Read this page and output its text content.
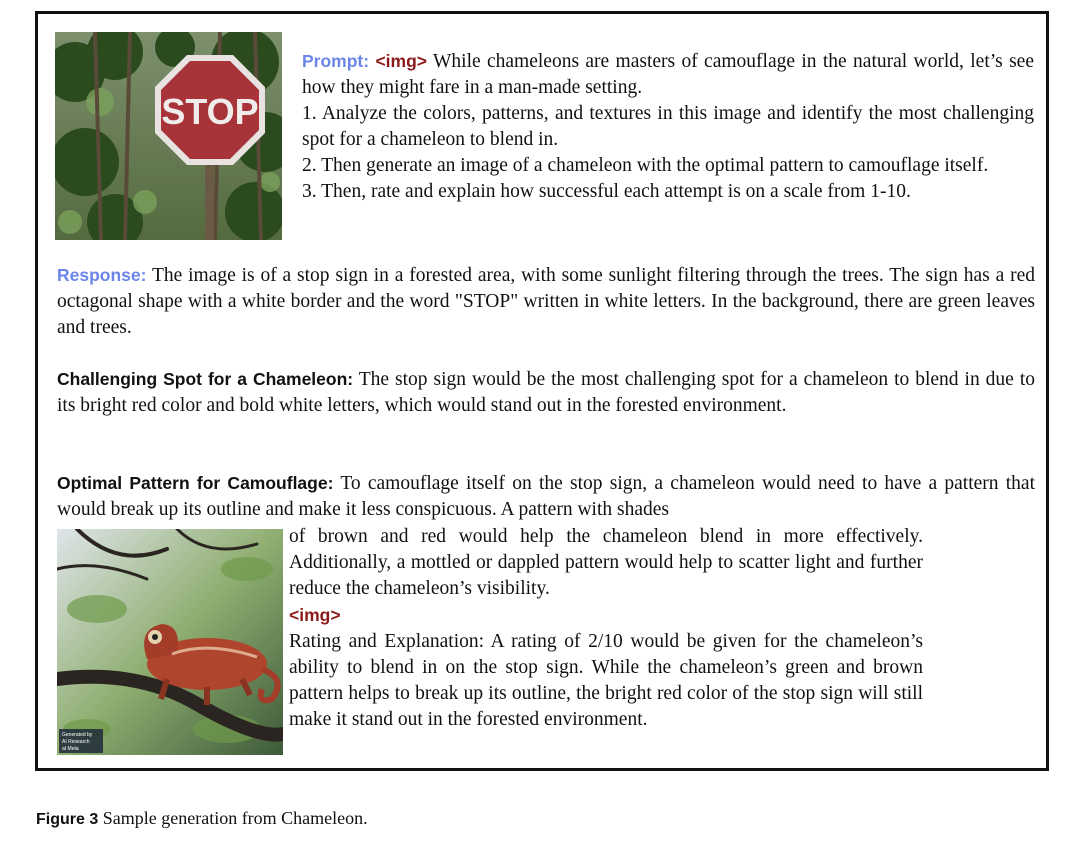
STOP
Prompt: <img> While chameleons are masters of camouflage in the natural world, let’s see how they might fare in a man-made setting.
1. Analyze the colors, patterns, and textures in this image and identify the most challenging spot for a chameleon to blend in.
2. Then generate an image of a chameleon with the optimal pattern to camouflage itself.
3. Then, rate and explain how successful each attempt is on a scale from 1-10.
Response: The image is of a stop sign in a forested area, with some sunlight filtering through the trees. The sign has a red octagonal shape with a white border and the word "STOP" written in white letters. In the background, there are green leaves and trees.
Challenging Spot for a Chameleon: The stop sign would be the most challenging spot for a chameleon to blend in due to its bright red color and bold white letters, which would stand out in the forested environment.
Optimal Pattern for Camouflage: To camouflage itself on the stop sign, a chameleon would need to have a pattern that would break up its outline and make it less conspicuous. A pattern with shades
Generated by
AI Research
at Meta
of brown and red would help the chameleon blend in more effectively. Additionally, a mottled or dappled pattern would help to scatter light and further reduce the chameleon’s visibility.
<img>
Rating and Explanation: A rating of 2/10 would be given for the chameleon’s ability to blend in on the stop sign. While the chameleon’s green and brown pattern helps to break up its outline, the bright red color of the stop sign will still make it stand out in the forested environment.
Figure 3 Sample generation from Chameleon.
